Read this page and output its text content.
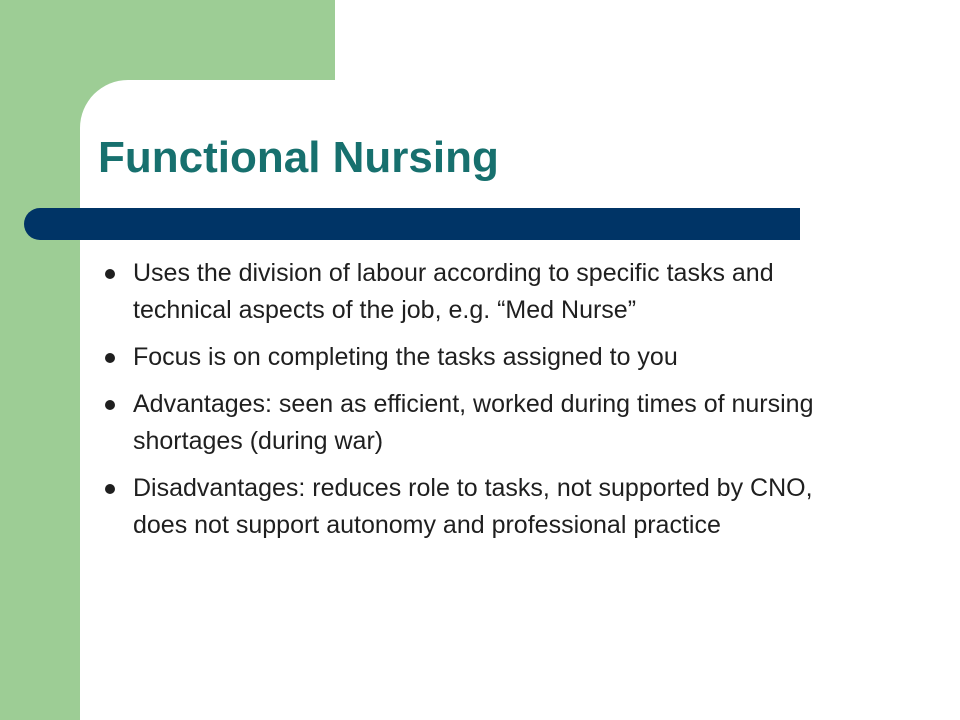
Functional Nursing
Uses the division of labour according to specific tasks and technical aspects of the job, e.g. “Med Nurse”
Focus is on completing the tasks assigned to you
Advantages: seen as efficient, worked during times of nursing shortages (during war)
Disadvantages: reduces role to tasks, not supported by CNO, does not support autonomy and professional practice
